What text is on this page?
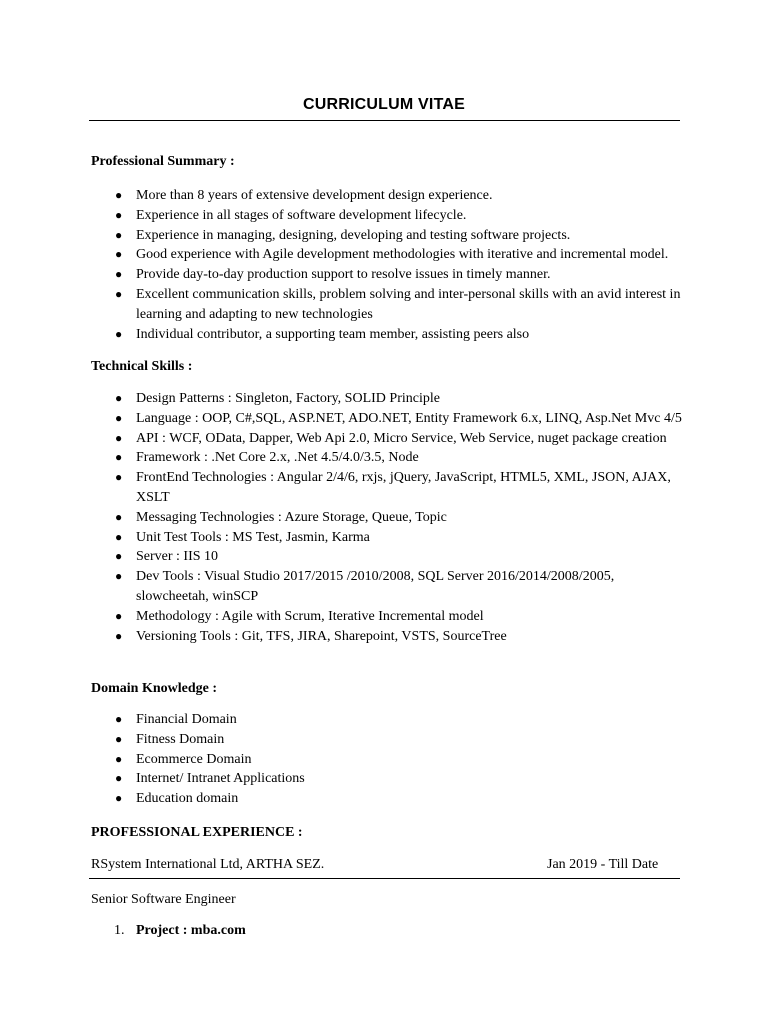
CURRICULUM VITAE
Professional Summary :
● More than 8 years of extensive development design experience.
● Experience in all stages of software development lifecycle.
● Experience in managing, designing, developing and testing software projects.
● Good experience with Agile development methodologies with iterative and incremental model.
● Provide day-to-day production support to resolve issues in timely manner.
● Excellent communication skills, problem solving and inter-personal skills with an avid interest in learning and adapting to new technologies
● Individual contributor, a supporting team member, assisting peers also
Technical Skills :
● Design Patterns : Singleton, Factory, SOLID Principle
● Language : OOP, C#,SQL, ASP.NET, ADO.NET, Entity Framework 6.x, LINQ, Asp.Net Mvc 4/5
● API : WCF, OData, Dapper, Web Api 2.0, Micro Service, Web Service, nuget package creation
● Framework : .Net Core 2.x, .Net 4.5/4.0/3.5, Node
● FrontEnd Technologies : Angular 2/4/6, rxjs, jQuery, JavaScript, HTML5, XML, JSON, AJAX, XSLT
● Messaging Technologies : Azure Storage, Queue, Topic
● Unit Test Tools : MS Test, Jasmin, Karma
● Server : IIS 10
● Dev Tools : Visual Studio 2017/2015 /2010/2008, SQL Server 2016/2014/2008/2005, slowcheetah, winSCP
● Methodology : Agile with Scrum, Iterative Incremental model
● Versioning Tools : Git, TFS, JIRA, Sharepoint, VSTS, SourceTree
Domain Knowledge :
● Financial Domain
● Fitness Domain
● Ecommerce Domain
● Internet/ Intranet Applications
● Education domain
PROFESSIONAL EXPERIENCE :
RSystem International Ltd, ARTHA SEZ.	Jan 2019 - Till Date
Senior Software Engineer
1. Project : mba.com
